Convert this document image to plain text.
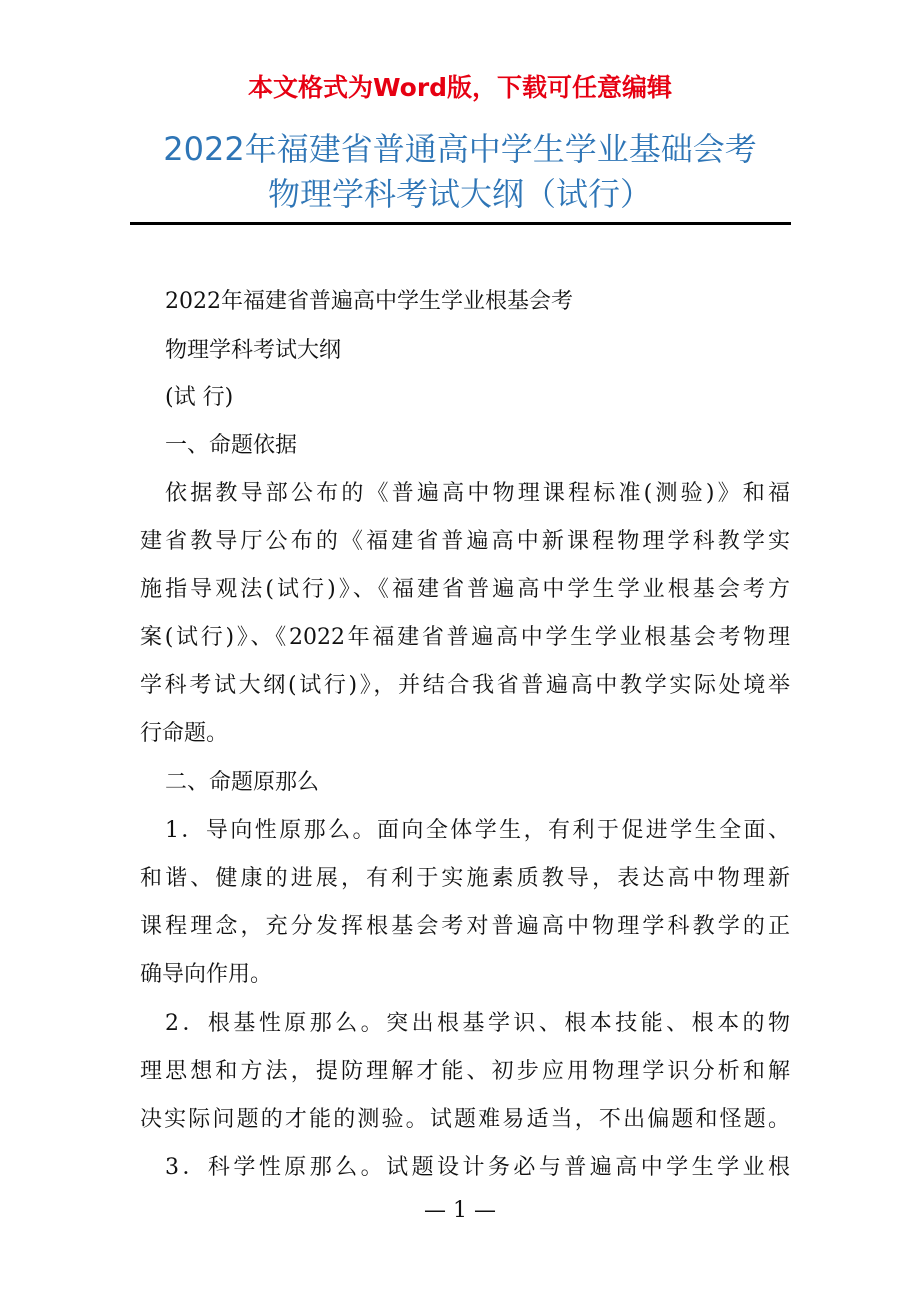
本文格式为Word版，下载可任意编辑
2022年福建省普通高中学生学业基础会考
物理学科考试大纲（试行）
2022年福建省普遍高中学生学业根基会考
物理学科考试大纲
(试 行)
一、命题依据
依据教导部公布的《普遍高中物理课程标准(测验)》和福
建省教导厅公布的《福建省普遍高中新课程物理学科教学实
施指导观法(试行)》、《福建省普遍高中学生学业根基会考方
案(试行)》、《2022年福建省普遍高中学生学业根基会考物理
学科考试大纲(试行)》，并结合我省普遍高中教学实际处境举
行命题。
二、命题原那么
1．导向性原那么。面向全体学生，有利于促进学生全面、
和谐、健康的进展，有利于实施素质教导，表达高中物理新
课程理念，充分发挥根基会考对普遍高中物理学科教学的正
确导向作用。
2．根基性原那么。突出根基学识、根本技能、根本的物
理思想和方法，提防理解才能、初步应用物理学识分析和解
决实际问题的才能的测验。试题难易适当，不出偏题和怪题。
3．科学性原那么。试题设计务必与普遍高中学生学业根
— 1 —
